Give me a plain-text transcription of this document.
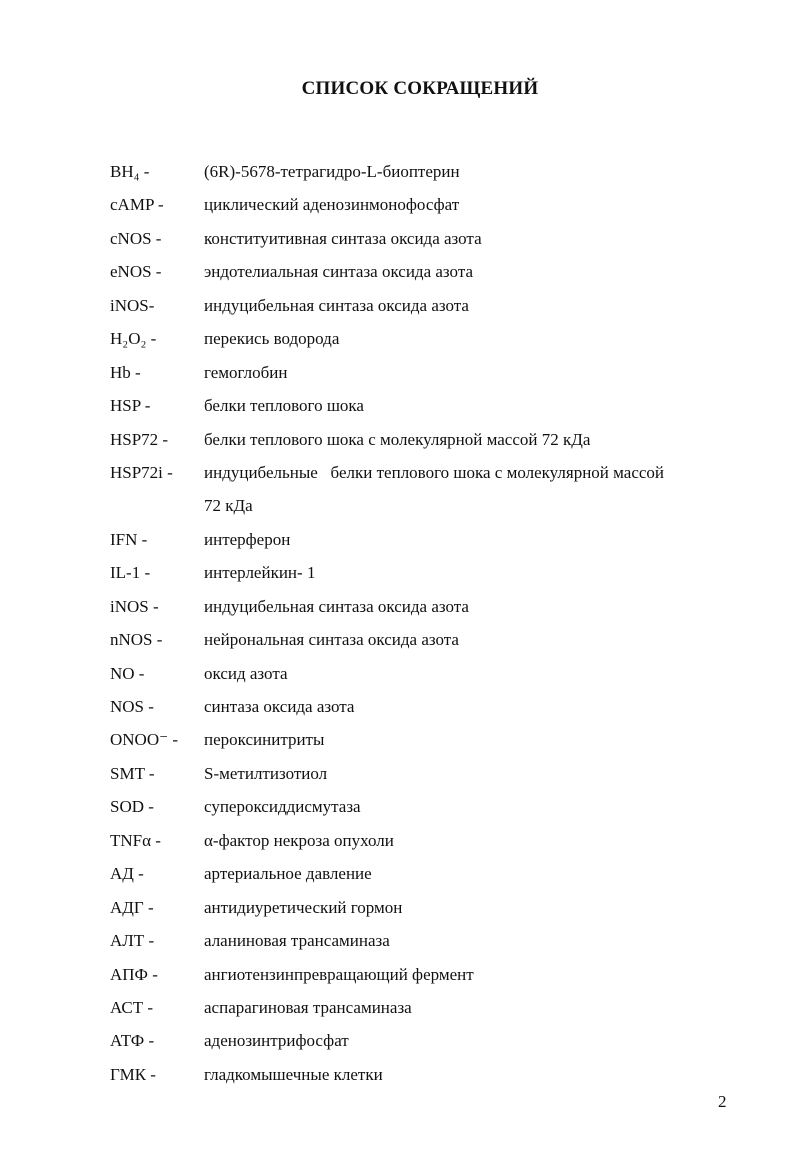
СПИСОК СОКРАЩЕНИЙ
BH₄ -	(6R)-5678-тетрагидро-L-биоптерин
cAMP - циклический аденозинмонофосфат
cNOS -	конституитивная синтаза оксида азота
eNOS -	эндотелиальная синтаза оксида азота
iNOS-	индуцибельная синтаза оксида азота
H₂O₂ -	перекись водорода
Hb -	гемоглобин
HSP -	белки теплового шока
HSP72 - белки теплового шока с молекулярной массой 72 кДа
HSP72i - индуцибельные   белки теплового шока с молекулярной массой
72 кДа
IFN -	интерферон
IL-1 -	интерлейкин- 1
iNOS -	индуцибельная синтаза оксида азота
nNOS - нейрональная синтаза оксида азота
NO -	оксид азота
NOS -	синтаза оксида азота
ONOO⁻ - пероксинитриты
SMT -	S-метилтизотиол
SOD -	супероксиддисмутаза
TNFα -	α-фактор некроза опухоли
АД -	артериальное давление
АДГ -	антидиуретический гормон
АЛТ -	аланиновая трансаминаза
АПФ -	ангиотензинпревращающий фермент
АСТ -	аспарагиновая трансаминаза
АТФ -	аденозинтрифосфат
ГМК -	гладкомышечные клетки
2
